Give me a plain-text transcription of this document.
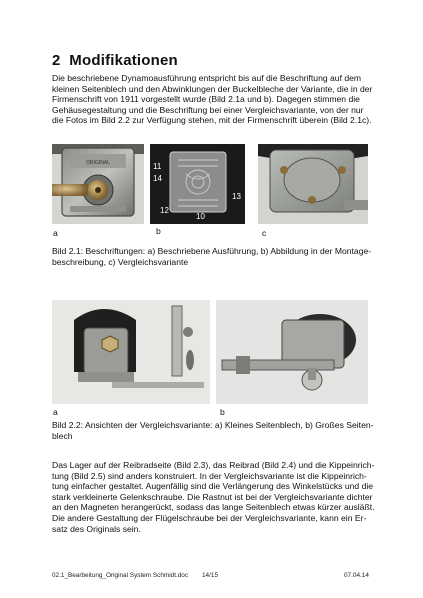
2 Modifikationen
Die beschriebene Dynamoausführung entspricht bis auf die Beschriftung auf dem
kleinen Seitenblech und den Abwinklungen der Buckelbleche der Variante, die in der
Firmenschrift von 1911 vorgestellt wurde (Bild 2.1a und b). Dagegen stimmen die
Gehäusegestaltung und die Beschriftung bei einer Vergleichsvariante, von der nur
die Fotos im Bild 2.2 zur Verfügung stehen, mit der Firmenschrift überein (Bild 2.1c).
ORIGINAL	11
14
13
12
10
a	b	c
Bild 2.1: Beschriftungen: a) Beschriebene Ausführung, b) Abbildung in der Montage-
beschreibung, c) Vergleichsvariante
a	b
Bild 2.2: Ansichten der Vergleichsvariante: a) Kleines Seitenblech, b) Großes Seiten-
blech
Das Lager auf der Reibradseite (Bild 2.3), das Reibrad (Bild 2.4) und die Kippeinrich-
tung (Bild 2.5) sind anders konstruiert. In der Vergleichsvariante ist die Kippeinrich-
tung einfacher gestaltet. Augenfällig sind die Verlängerung des Winkelstücks und die
stark verkleinerte Gelenkschraube. Die Rastnut ist bei der Vergleichsvariante dichter
an den Magneten herangerückt, sodass das lange Seitenblech etwas kürzer ausläßt.
Die andere Gestaltung der Flügelschraube bei der Vergleichsvariante, kann ein Er-
satz des Originals sein.
02.1_Bearbeitung_Original System Schmidt.doc 14/15	07.04.14
